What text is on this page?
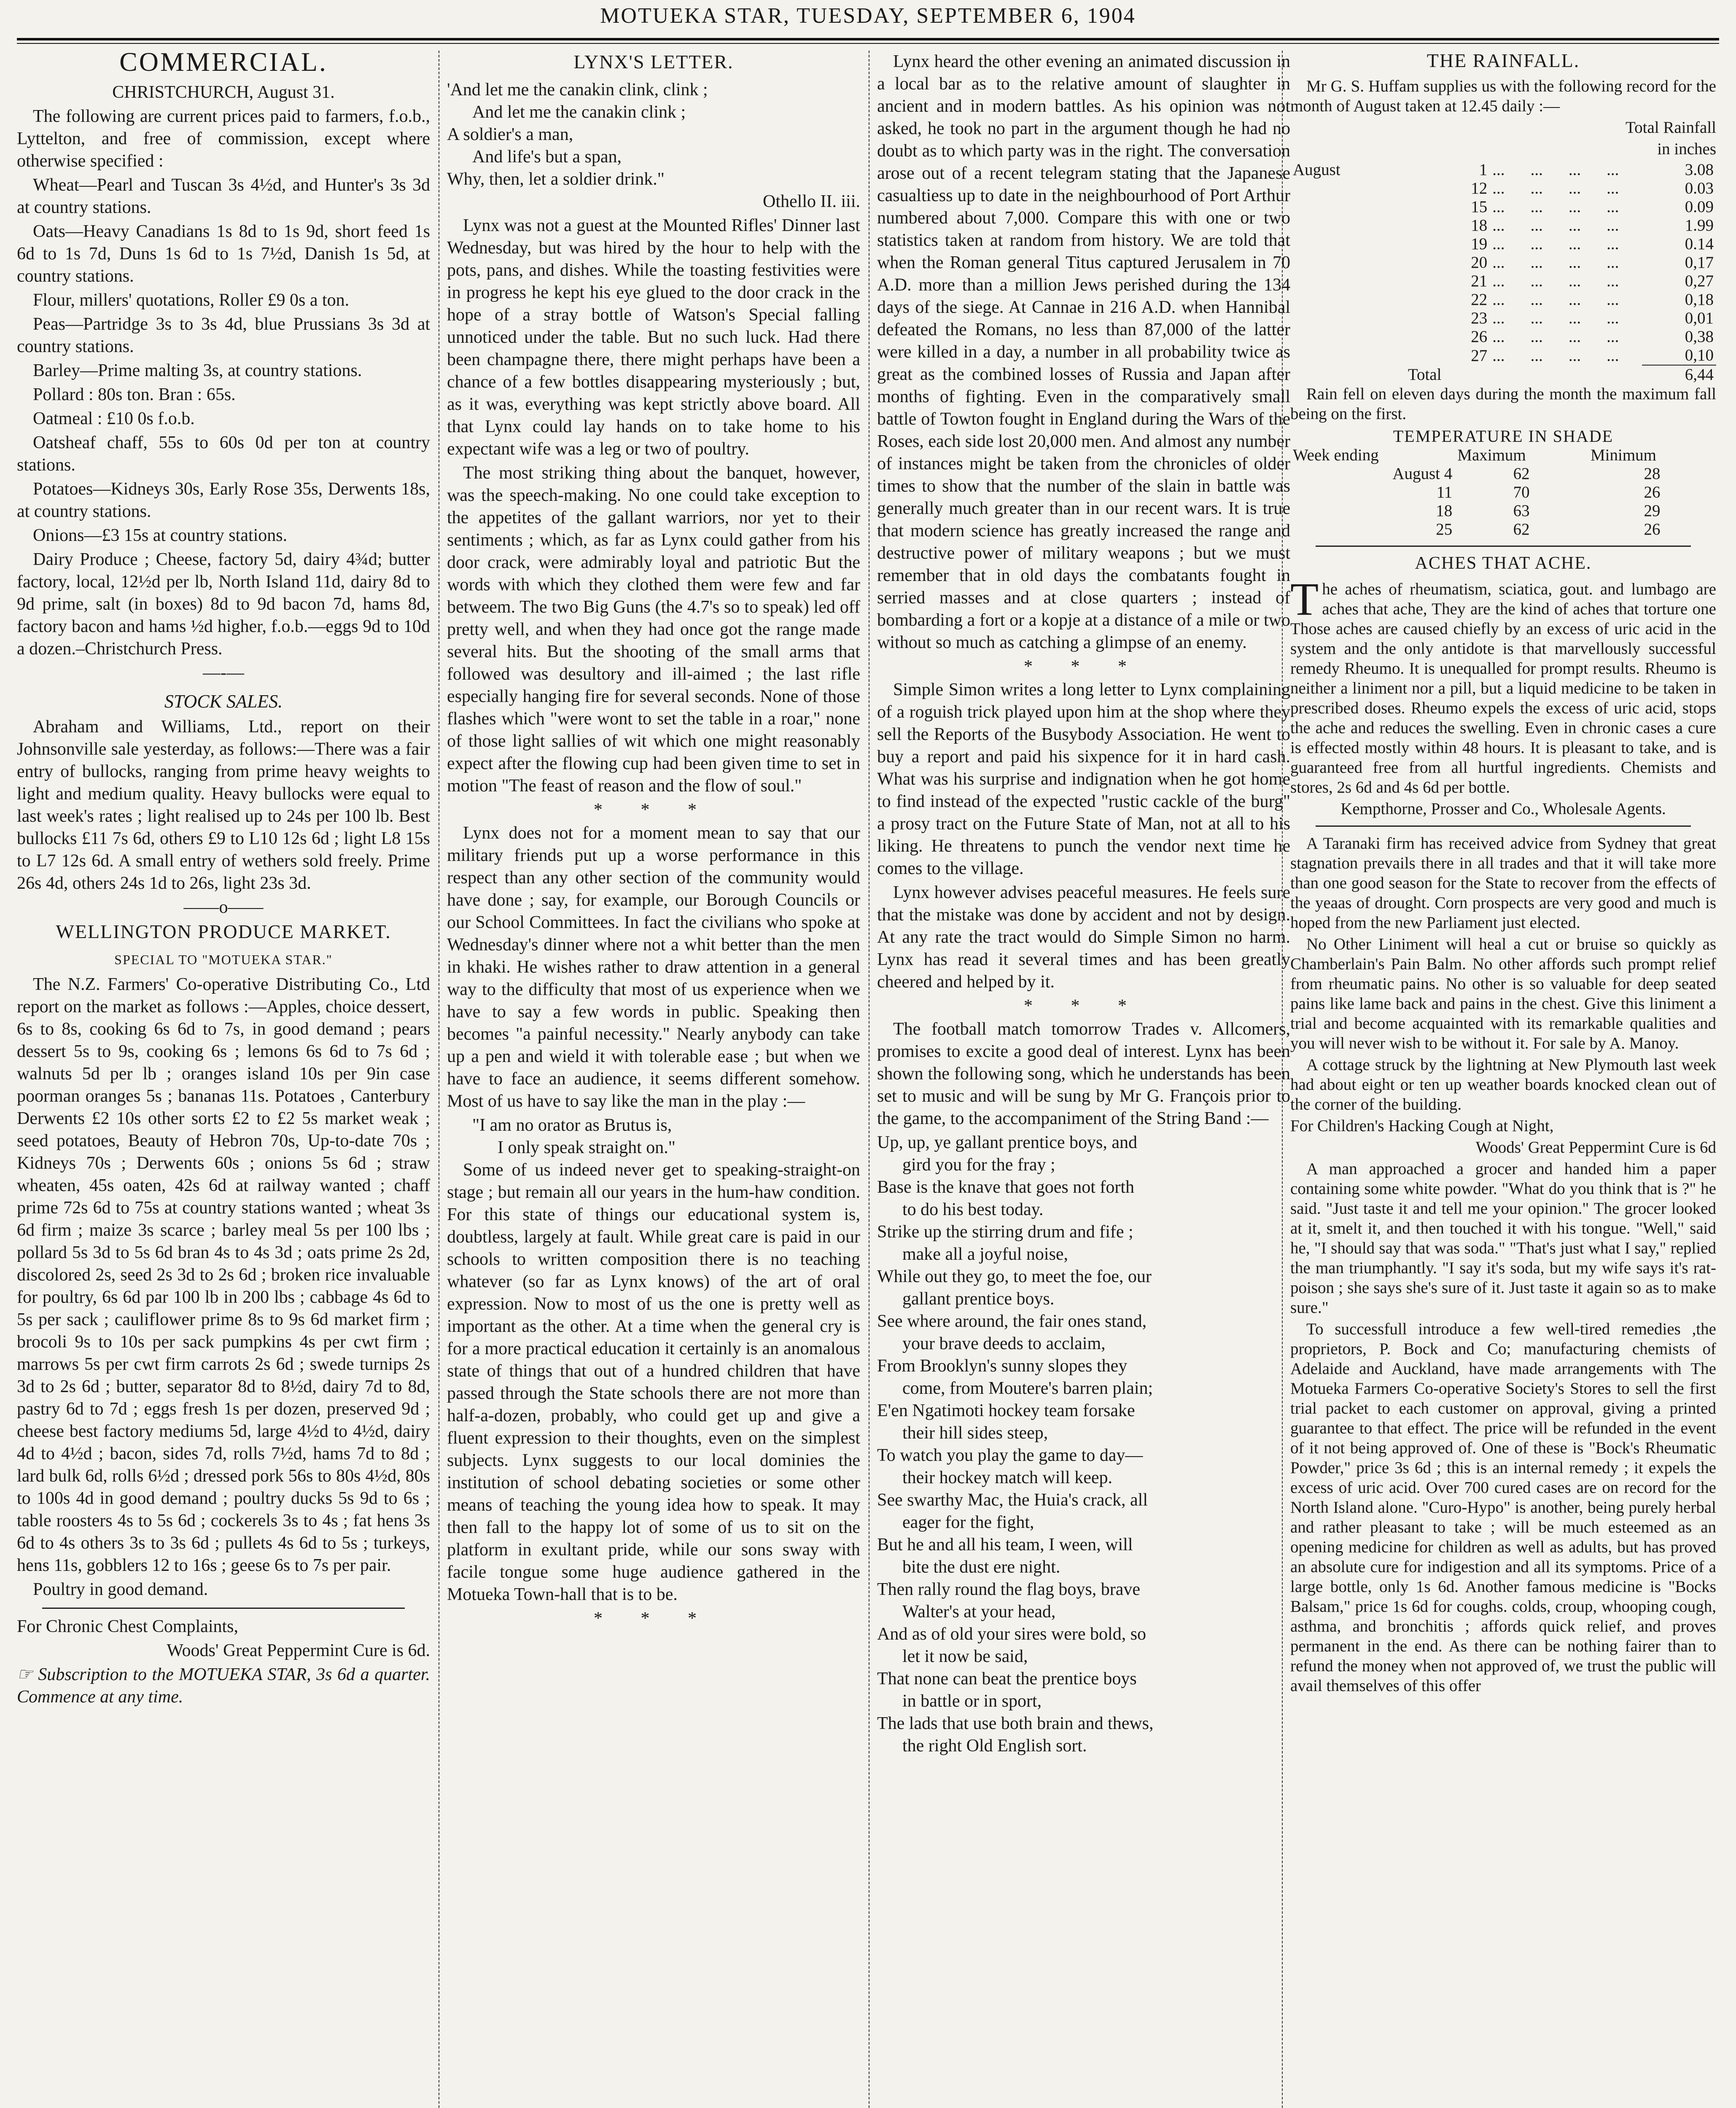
MOTUEKA STAR, TUESDAY, SEPTEMBER 6, 1904
COMMERCIAL.
CHRISTCHURCH, August 31.

The following are current prices paid to farmers, f.o.b., Lyttelton, and free of commission, except where otherwise specified :

Wheat—Pearl and Tuscan 3s 4½d, and Hunter's 3s 3d at country stations.

Oats—Heavy Canadians 1s 8d to 1s 9d, short feed 1s 6d to 1s 7d, Duns 1s 6d to 1s 7½d, Danish 1s 5d, at country stations.

Flour, millers' quotations, Roller £9 0s a ton.

Peas—Partridge 3s to 3s 4d, blue Prussians 3s 3d at country stations.

Barley—Prime malting 3s, at country stations.

Pollard : 80s ton. Bran : 65s.

Oatmeal : £10 0s f.o.b.

Oatsheaf chaff, 55s to 60s 0d per ton at country stations.

Potatoes—Kidneys 30s, Early Rose 35s, Derwents 18s, at country stations.

Onions—£3 15s at country stations.

Dairy Produce ; Cheese, factory 5d, dairy 4¾d; butter factory, local, 12½d per lb, North Island 11d, dairy 8d to 9d prime, salt (in boxes) 8d to 9d bacon 7d, hams 8d, factory bacon and hams ½d higher, f.o.b.—eggs 9d to 10d a dozen.–Christchurch Press.

—-—
STOCK SALES.

Abraham and Williams, Ltd., report on their Johnsonville sale yesterday, as follows:—There was a fair entry of bullocks, ranging from prime heavy weights to light and medium quality. Heavy bullocks were equal to last week's rates ; light realised up to 24s per 100 lb. Best bullocks £11 7s 6d, others £9 to L10 12s 6d ; light L8 15s to L7 12s 6d. A small entry of wethers sold freely. Prime 26s 4d, others 24s 1d to 26s, light 23s 3d.

——o——
WELLINGTON PRODUCE MARKET.
SPECIAL TO "MOTUEKA STAR."

The N.Z. Farmers' Co-operative Distributing Co., Ltd report on the market as follows :—Apples, choice dessert, 6s to 8s, cooking 6s 6d to 7s, in good demand ; pears dessert 5s to 9s, cooking 6s ; lemons 6s 6d to 7s 6d ; walnuts 5d per lb ; oranges island 10s per 9in case poorman oranges 5s ; bananas 11s. Potatoes , Canterbury Derwents £2 10s other sorts £2 to £2 5s market weak ; seed potatoes, Beauty of Hebron 70s, Up-to-date 70s ; Kidneys 70s ; Derwents 60s ; onions 5s 6d ; straw wheaten, 45s oaten, 42s 6d at railway wanted ; chaff prime 72s 6d to 75s at country stations wanted ; wheat 3s 6d firm ; maize 3s scarce ; barley meal 5s per 100 lbs ; pollard 5s 3d to 5s 6d bran 4s to 4s 3d ; oats prime 2s 2d, discolored 2s, seed 2s 3d to 2s 6d ; broken rice invaluable for poultry, 6s 6d par 100 lb in 200 lbs ; cabbage 4s 6d to 5s per sack ; cauliflower prime 8s to 9s 6d market firm ; brocoli 9s to 10s per sack pumpkins 4s per cwt firm ; marrows 5s per cwt firm carrots 2s 6d ; swede turnips 2s 3d to 2s 6d ; butter, separator 8d to 8½d, dairy 7d to 8d, pastry 6d to 7d ; eggs fresh 1s per dozen, preserved 9d ; cheese best factory mediums 5d, large 4½d to 4½d, dairy 4d to 4½d ; bacon, sides 7d, rolls 7½d, hams 7d to 8d ; lard bulk 6d, rolls 6½d ; dressed pork 56s to 80s 4½d, 80s to 100s 4d in good demand ; poultry ducks 5s 9d to 6s ; table roosters 4s to 5s 6d ; cockerels 3s to 4s ; fat hens 3s 6d to 4s others 3s to 3s 6d ; pullets 4s 6d to 5s ; turkeys, hens 11s, gobblers 12 to 16s ; geese 6s to 7s per pair.

Poultry in good demand.

For Chronic Chest Complaints,

Woods' Great Peppermint Cure is 6d.

☞ Subscription to the MOTUEKA STAR, 3s 6d a quarter. Commence at any time.

LYNX'S LETTER.

'And let me the canakin clink, clink ;

And let me the canakin clink ;

A soldier's a man,

And life's but a span,

Why, then, let a soldier drink."

Othello II. iii.

Lynx was not a guest at the Mounted Rifles' Dinner last Wednesday, but was hired by the hour to help with the pots, pans, and dishes. While the toasting festivities were in progress he kept his eye glued to the door crack in the hope of a stray bottle of Watson's Special falling unnoticed under the table. But no such luck. Had there been champagne there, there might perhaps have been a chance of a few bottles disappearing mysteriously ; but, as it was, everything was kept strictly above board. All that Lynx could lay hands on to take home to his expectant wife was a leg or two of poultry.

The most striking thing about the banquet, however, was the speech-making. No one could take exception to the appetites of the gallant warriors, nor yet to their sentiments ; which, as far as Lynx could gather from his door crack, were admirably loyal and patriotic But the words with which they clothed them were few and far betweem. The two Big Guns (the 4.7's so to speak) led off pretty well, and when they had once got the range made several hits. But the shooting of the small arms that followed was desultory and ill-aimed ; the last rifle especially hanging fire for several seconds. None of those flashes which "were wont to set the table in a roar," none of those light sallies of wit which one might reasonably expect after the flowing cup had been given time to set in motion "The feast of reason and the flow of soul."

* * *

Lynx does not for a moment mean to say that our military friends put up a worse performance in this respect than any other section of the community would have done ; say, for example, our Borough Councils or our School Committees. In fact the civilians who spoke at Wednesday's dinner where not a whit better than the men in khaki. He wishes rather to draw attention in a general way to the difficulty that most of us experience when we have to say a few words in public. Speaking then becomes "a painful necessity." Nearly anybody can take up a pen and wield it with tolerable ease ; but when we have to face an audience, it seems different somehow. Most of us have to say like the man in the play :—

"I am no orator as Brutus is,

I only speak straight on."

Some of us indeed never get to speaking-straight-on stage ; but remain all our years in the hum-haw condition. For this state of things our educational system is, doubtless, largely at fault. While great care is paid in our schools to written composition there is no teaching whatever (so far as Lynx knows) of the art of oral expression. Now to most of us the one is pretty well as important as the other. At a time when the general cry is for a more practical education it certainly is an anomalous state of things that out of a hundred children that have passed through the State schools there are not more than half-a-dozen, probably, who could get up and give a fluent expression to their thoughts, even on the simplest subjects. Lynx suggests to our local dominies the institution of school debating societies or some other means of teaching the young idea how to speak. It may then fall to the happy lot of some of us to sit on the platform in exultant pride, while our sons sway with facile tongue some huge audience gathered in the Motueka Town-hall that is to be.

* * *

Lynx heard the other evening an animated discussion in a local bar as to the relative amount of slaughter in ancient and in modern battles. As his opinion was not asked, he took no part in the argument though he had no doubt as to which party was in the right. The conversation arose out of a recent telegram stating that the Japanese casualtiess up to date in the neighbourhood of Port Arthur numbered about 7,000. Compare this with one or two statistics taken at random from history. We are told that when the Roman general Titus captured Jerusalem in 70 A.D. more than a million Jews perished during the 134 days of the siege. At Cannae in 216 A.D. when Hannibal defeated the Romans, no less than 87,000 of the latter were killed in a day, a number in all probability twice as great as the combined losses of Russia and Japan after months of fighting. Even in the comparatively small battle of Towton fought in England during the Wars of the Roses, each side lost 20,000 men. And almost any number of instances might be taken from the chronicles of older times to show that the number of the slain in battle was generally much greater than in our recent wars. It is true that modern science has greatly increased the range and destructive power of military weapons ; but we must remember that in old days the combatants fought in serried masses and at close quarters ; instead of bombarding a fort or a kopje at a distance of a mile or two without so much as catching a glimpse of an enemy.

* * *

Simple Simon writes a long letter to Lynx complaining of a roguish trick played upon him at the shop where they sell the Reports of the Busybody Association. He went to buy a report and paid his sixpence for it in hard cash. What was his surprise and indignation when he got home to find instead of the expected "rustic cackle of the burg" a prosy tract on the Future State of Man, not at all to his liking. He threatens to punch the vendor next time he comes to the village.

Lynx however advises peaceful measures. He feels sure that the mistake was done by accident and not by design. At any rate the tract would do Simple Simon no harm. Lynx has read it several times and has been greatly cheered and helped by it.

* * *

The football match tomorrow Trades v. Allcomers, promises to excite a good deal of interest. Lynx has been shown the following song, which he understands has been set to music and will be sung by Mr G. François prior to the game, to the accompaniment of the String Band :—

Up, up, ye gallant prentice boys, and

gird you for the fray ;

Base is the knave that goes not forth

to do his best today.

Strike up the stirring drum and fife ;

make all a joyful noise,

While out they go, to meet the foe, our

gallant prentice boys.

See where around, the fair ones stand,

your brave deeds to acclaim,

From Brooklyn's sunny slopes they

come, from Moutere's barren plain;

E'en Ngatimoti hockey team forsake

their hill sides steep,

To watch you play the game to day—

their hockey match will keep.

See swarthy Mac, the Huia's crack, all

eager for the fight,

But he and all his team, I ween, will

bite the dust ere night.

Then rally round the flag boys, brave

Walter's at your head,

And as of old your sires were bold, so

let it now be said,

That none can beat the prentice boys

in battle or in sport,

The lads that use both brain and thews,

the right Old English sort.

THE RAINFALL.

Mr G. S. Huffam supplies us with the following record for the month of August taken at 12.45 daily :—

Total Rainfall

in inches

August	1	...	...	...	...	3.08
	12	...	...	...	...	0.03
	15	...	...	...	...	0.09
	18	...	...	...	...	1.99
	19	...	...	...	...	0.14
	20	...	...	...	...	0,17
	21	...	...	...	...	0,27
	22	...	...	...	...	0,18
	23	...	...	...	...	0,01
	26	...	...	...	...	0,38
	27	...	...	...	...	0,10
	Total					6,44

Rain fell on eleven days during the month the maximum fall being on the first.

TEMPERATURE IN SHADE
Week ending	Maximum	Minimum
August 4	62	28
11	70	26
18	63	29
25	62	26
ACHES THAT ACHE.

The aches of rheumatism, sciatica, gout. and lumbago are aches that ache, They are the kind of aches that torture one Those aches are caused chiefly by an excess of uric acid in the system and the only antidote is that marvellously successful remedy Rheumo. It is unequalled for prompt results. Rheumo is neither a liniment nor a pill, but a liquid medicine to be taken in prescribed doses. Rheumo expels the excess of uric acid, stops the ache and reduces the swelling. Even in chronic cases a cure is effected mostly within 48 hours. It is pleasant to take, and is guaranteed free from all hurtful ingredients. Chemists and stores, 2s 6d and 4s 6d per bottle.

Kempthorne, Prosser and Co., Wholesale Agents.

A Taranaki firm has received advice from Sydney that great stagnation prevails there in all trades and that it will take more than one good season for the State to recover from the effects of the yeaas of drought. Corn prospects are very good and much is hoped from the new Parliament just elected.

No Other Liniment will heal a cut or bruise so quickly as Chamberlain's Pain Balm. No other affords such prompt relief from rheumatic pains. No other is so valuable for deep seated pains like lame back and pains in the chest. Give this liniment a trial and become acquainted with its remarkable qualities and you will never wish to be without it. For sale by A. Manoy.

A cottage struck by the lightning at New Plymouth last week had about eight or ten up weather boards knocked clean out of the corner of the building.

For Children's Hacking Cough at Night,

Woods' Great Peppermint Cure is 6d

A man approached a grocer and handed him a paper containing some white powder. "What do you think that is ?" he said. "Just taste it and tell me your opinion." The grocer looked at it, smelt it, and then touched it with his tongue. "Well," said he, "I should say that was soda." "That's just what I say," replied the man triumphantly. "I say it's soda, but my wife says it's rat-poison ; she says she's sure of it. Just taste it again so as to make sure."

To successfull introduce a few well-tired remedies ,the proprietors, P. Bock and Co; manufacturing chemists of Adelaide and Auckland, have made arrangements with The Motueka Farmers Co-operative Society's Stores to sell the first trial packet to each customer on approval, giving a printed guarantee to that effect. The price will be refunded in the event of it not being approved of. One of these is "Bock's Rheumatic Powder," price 3s 6d ; this is an internal remedy ; it expels the excess of uric acid. Over 700 cured cases are on record for the North Island alone. "Curo-Hypo" is another, being purely herbal and rather pleasant to take ; will be much esteemed as an opening medicine for children as well as adults, but has proved an absolute cure for indigestion and all its symptoms. Price of a large bottle, only 1s 6d. Another famous medicine is "Bocks Balsam," price 1s 6d for coughs. colds, croup, whooping cough, asthma, and bronchitis ; affords quick relief, and proves permanent in the end. As there can be nothing fairer than to refund the money when not approved of, we trust the public will avail themselves of this offer
